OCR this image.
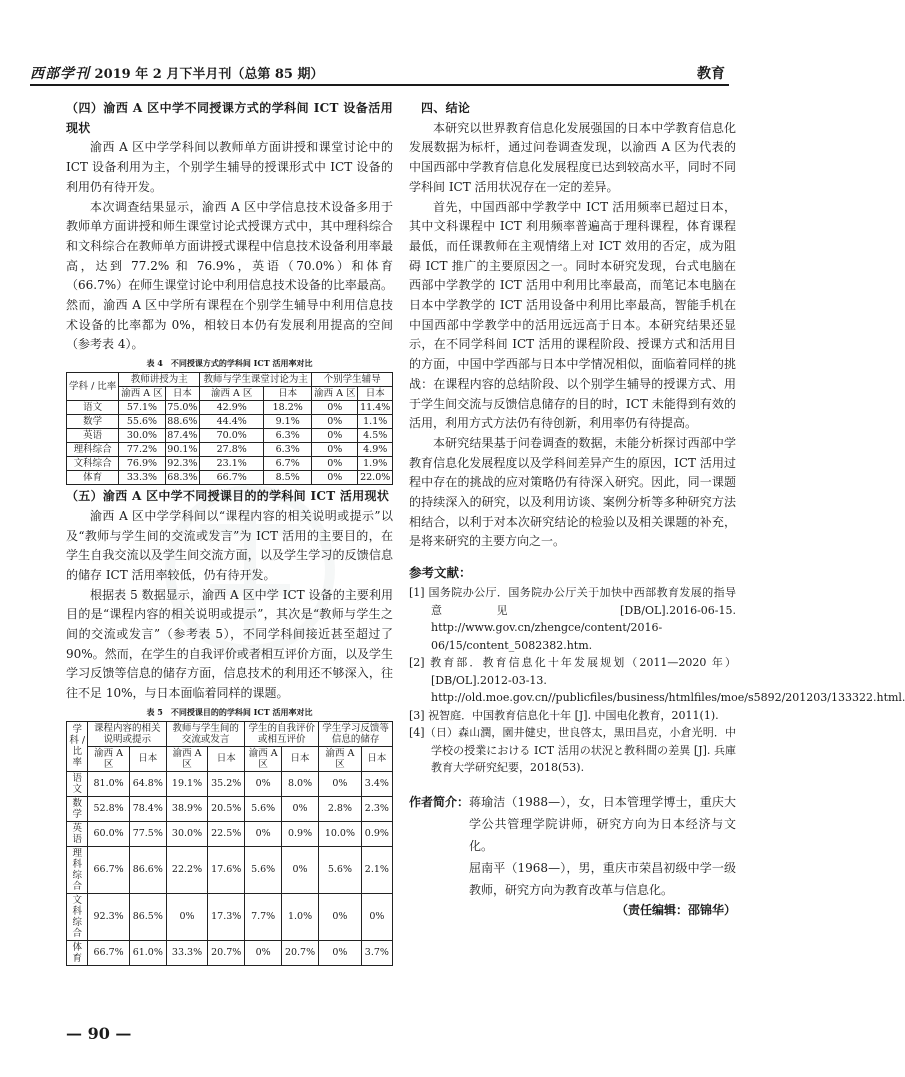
西部学刊 2019 年 2 月下半月刊（总第 85 期）	教育

（四）渝西 A 区中学不同授课方式的学科间 ICT 设备活用现状

渝西 A 区中学学科间以教师单方面讲授和课堂讨论中的 ICT 设备利用为主，个别学生辅导的授课形式中 ICT 设备的利用仍有待开发。

本次调查结果显示，渝西 A 区中学信息技术设备多用于教师单方面讲授和师生课堂讨论式授课方式中，其中理科综合和文科综合在教师单方面讲授式课程中信息技术设备利用率最高，达到 77.2% 和 76.9%，英语（70.0%）和体育（66.7%）在师生课堂讨论中利用信息技术设备的比率最高。然而，渝西 A 区中学所有课程在个别学生辅导中利用信息技术设备的比率都为 0%，相较日本仍有发展利用提高的空间（参考表 4）。

表 4　不同授课方式的学科间 ICT 活用率对比
学科 / 比率	教师讲授为主		教师与学生课堂讨论为主		个别学生辅导	
	渝西 A 区	日本	渝西 A 区	日本	渝西 A 区	日本
语文	57.1%	75.0%	42.9%	18.2%	0%	11.4%
数学	55.6%	88.6%	44.4%	9.1%	0%	1.1%
英语	30.0%	87.4%	70.0%	6.3%	0%	4.5%
理科综合	77.2%	90.1%	27.8%	6.3%	0%	4.9%
文科综合	76.9%	92.3%	23.1%	6.7%	0%	1.9%
体育	33.3%	68.3%	66.7%	8.5%	0%	22.0%

（五）渝西 A 区中学不同授课目的的学科间 ICT 活用现状

渝西 A 区中学学科间以“课程内容的相关说明或提示”以及“教师与学生间的交流或发言”为 ICT 活用的主要目的，在学生自我交流以及学生间交流方面，以及学生学习的反馈信息的储存 ICT 活用率较低，仍有待开发。

根据表 5 数据显示，渝西 A 区中学 ICT 设备的主要利用目的是“课程内容的相关说明或提示”，其次是“教师与学生之间的交流或发言”（参考表 5），不同学科间接近甚至超过了 90%。然而，在学生的自我评价或者相互评价方面，以及学生学习反馈等信息的储存方面，信息技术的利用还不够深入，往往不足 10%，与日本面临着同样的课题。

表 5　不同授课目的的学科间 ICT 活用率对比
学科 / 比率	课程内容的相关说明或提示		教师与学生间的交流或发言		学生的自我评价或相互评价		学生学习反馈等信息的储存	
	渝西 A 区	日本	渝西 A 区	日本	渝西 A 区	日本	渝西 A 区	日本
语文	81.0%	64.8%	19.1%	35.2%	0%	8.0%	0%	3.4%
数学	52.8%	78.4%	38.9%	20.5%	5.6%	0%	2.8%	2.3%
英语	60.0%	77.5%	30.0%	22.5%	0%	0.9%	10.0%	0.9%
理科综合	66.7%	86.6%	22.2%	17.6%	5.6%	0%	5.6%	2.1%
文科综合	92.3%	86.5%	0%	17.3%	7.7%	1.0%	0%	0%
体育	66.7%	61.0%	33.3%	20.7%	0%	20.7%	0%	3.7%

四、结论

本研究以世界教育信息化发展强国的日本中学教育信息化发展数据为标杆，通过问卷调查发现，以渝西 A 区为代表的中国西部中学教育信息化发展程度已达到较高水平，同时不同学科间 ICT 活用状况存在一定的差异。

首先，中国西部中学教学中 ICT 活用频率已超过日本，其中文科课程中 ICT 利用频率普遍高于理科课程，体育课程最低，而任课教师在主观情绪上对 ICT 效用的否定，成为阻碍 ICT 推广的主要原因之一。同时本研究发现，台式电脑在西部中学教学的 ICT 活用中利用比率最高，而笔记本电脑在日本中学教学的 ICT 活用设备中利用比率最高，智能手机在中国西部中学教学中的活用远远高于日本。本研究结果还显示，在不同学科间 ICT 活用的课程阶段、授课方式和活用目的方面，中国中学西部与日本中学情况相似，面临着同样的挑战：在课程内容的总结阶段、以个别学生辅导的授课方式、用于学生间交流与反馈信息储存的目的时，ICT 未能得到有效的活用，利用方式方法仍有待创新，利用率仍有待提高。

本研究结果基于问卷调查的数据，未能分析探讨西部中学教育信息化发展程度以及学科间差异产生的原因，ICT 活用过程中存在的挑战的应对策略仍有待深入研究。因此，同一课题的持续深入的研究，以及利用访谈、案例分析等多种研究方法相结合，以利于对本次研究结论的检验以及相关课题的补充，是将来研究的主要方向之一。

参考文献：

[1] 国务院办公厅．国务院办公厅关于加快中西部教育发展的指导意见 [DB/OL].2016-06-15. http://www.gov.cn/zhengce/content/2016-06/15/content_5082382.htm.

[2] 教育部．教育信息化十年发展规划（2011—2020 年）[DB/OL].2012-03-13. http://old.moe.gov.cn//publicfiles/business/htmlfiles/moe/s5892/201203/133322.html.

[3] 祝智庭．中国教育信息化十年 [J]. 中国电化教育，2011(1).

[4]（日）森山潤，園井健史，世良啓太，黒田昌克，小倉光明．中学校の授業における ICT 活用の状況と教科間の差異 [J]. 兵庫教育大学研究紀要，2018(53).

作者简介： 蒋瑜洁（1988—），女，日本管理学博士，重庆大学公共管理学院讲师，研究方向为日本经济与文化。

屈南平（1968—），男，重庆市荣昌初级中学一级教师，研究方向为教育改革与信息化。

（责任编辑：邵锦华）

— 90 —
